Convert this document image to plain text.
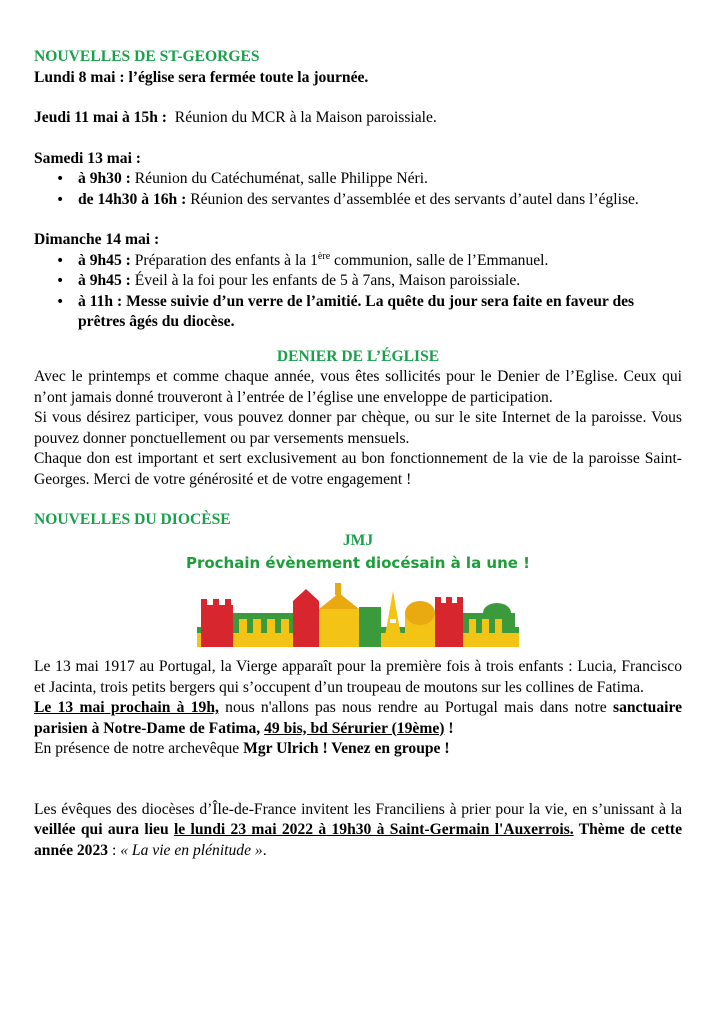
NOUVELLES DE ST-GEORGES

Lundi 8 mai : l’église sera fermée toute la journée.

Jeudi 11 mai à 15h : Réunion du MCR à la Maison paroissiale.

Samedi 13 mai :

• à 9h30 : Réunion du Catéchuménat, salle Philippe Néri.
• de 14h30 à 16h : Réunion des servantes d’assemblée et des servants d’autel dans l’église.

Dimanche 14 mai :

• à 9h45 : Préparation des enfants à la 1ère communion, salle de l’Emmanuel.
• à 9h45 : Éveil à la foi pour les enfants de 5 à 7ans, Maison paroissiale.
• à 11h : Messe suivie d’un verre de l’amitié. La quête du jour sera faite en faveur des prêtres âgés du diocèse.
DENIER DE L’ÉGLISE

Avec le printemps et comme chaque année, vous êtes sollicités pour le Denier de l’Eglise. Ceux qui n’ont jamais donné trouveront à l’entrée de l’église une enveloppe de participation.

Si vous désirez participer, vous pouvez donner par chèque, ou sur le site Internet de la paroisse. Vous pouvez donner ponctuellement ou par versements mensuels.

Chaque don est important et sert exclusivement au bon fonctionnement de la vie de la paroisse Saint-Georges. Merci de votre générosité et de votre engagement !

NOUVELLES DU DIOCÈSE

JMJ

Prochain évènement diocésain à la une !

Le 13 mai 1917 au Portugal, la Vierge apparaît pour la première fois à trois enfants : Lucia, Francisco et Jacinta, trois petits bergers qui s’occupent d’un troupeau de moutons sur les collines de Fatima.

Le 13 mai prochain à 19h, nous n'allons pas nous rendre au Portugal mais dans notre sanctuaire parisien à Notre-Dame de Fatima, 49 bis, bd Sérurier (19ème) !

En présence de notre archevêque Mgr Ulrich ! Venez en groupe !

Les évêques des diocèses d’Île-de-France invitent les Franciliens à prier pour la vie, en s’unissant à la veillée qui aura lieu le lundi 23 mai 2022 à 19h30 à Saint-Germain l'Auxerrois. Thème de cette année 2023 : « La vie en plénitude ».
